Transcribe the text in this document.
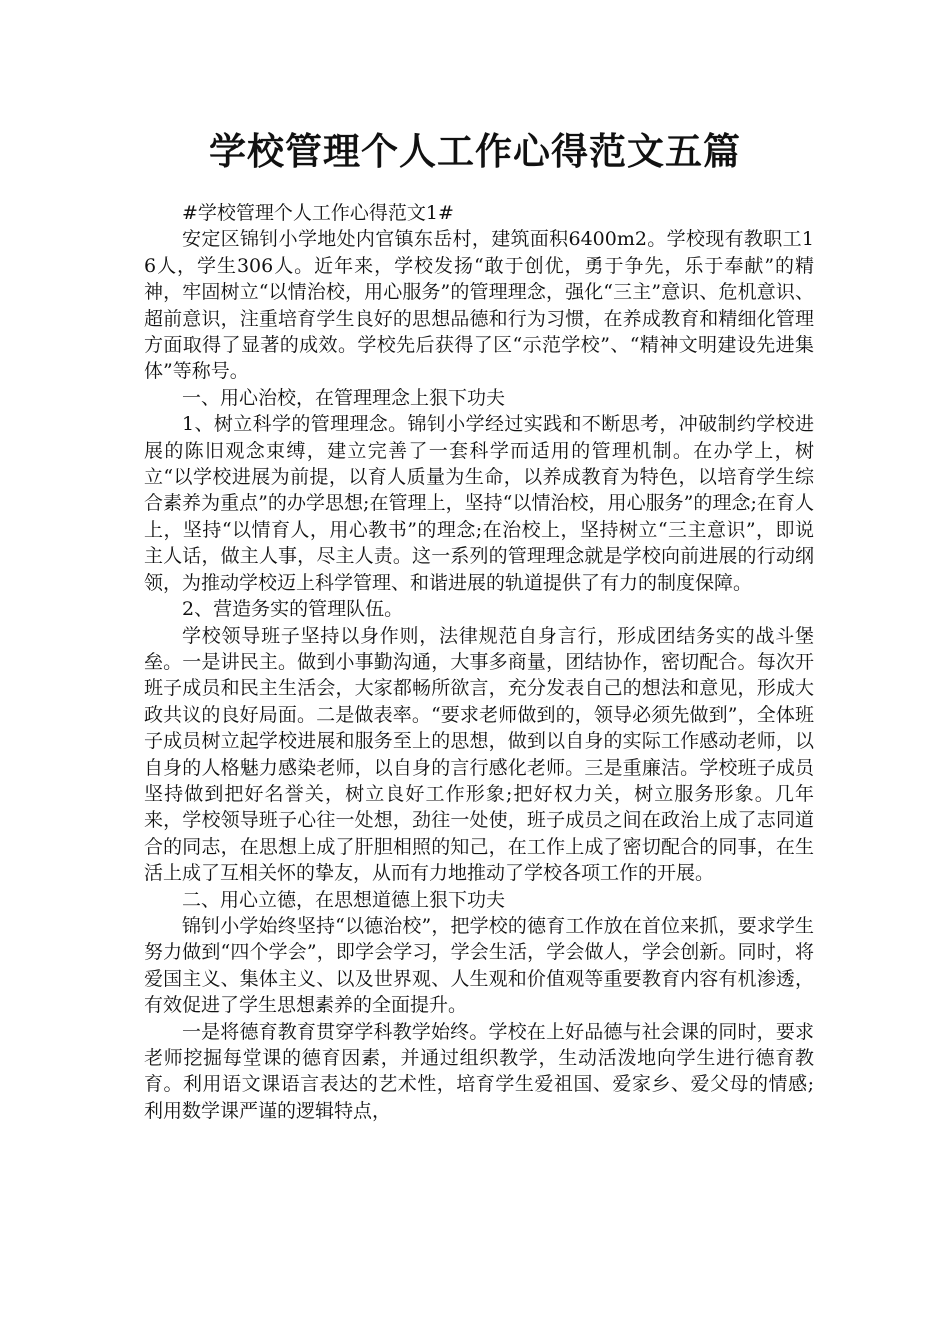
学校管理个人工作心得范文五篇

#学校管理个人工作心得范文1#

安定区锦钊小学地处内官镇东岳村，建筑面积6400m2。学校现有教职工16人，学生306人。近年来，学校发扬“敢于创优，勇于争先，乐于奉献”的精神，牢固树立“以情治校，用心服务”的管理理念，强化“三主”意识、危机意识、超前意识，注重培育学生良好的思想品德和行为习惯，在养成教育和精细化管理方面取得了显著的成效。学校先后获得了区“示范学校”、“精神文明建设先进集体”等称号。

一、用心治校，在管理理念上狠下功夫

1、树立科学的管理理念。锦钊小学经过实践和不断思考，冲破制约学校进展的陈旧观念束缚，建立完善了一套科学而适用的管理机制。在办学上，树立“以学校进展为前提，以育人质量为生命，以养成教育为特色，以培育学生综合素养为重点”的办学思想;在管理上，坚持“以情治校，用心服务”的理念;在育人上，坚持“以情育人，用心教书”的理念;在治校上，坚持树立“三主意识”，即说主人话，做主人事，尽主人责。这一系列的管理理念就是学校向前进展的行动纲领，为推动学校迈上科学管理、和谐进展的轨道提供了有力的制度保障。

2、营造务实的管理队伍。

学校领导班子坚持以身作则，法律规范自身言行，形成团结务实的战斗堡垒。一是讲民主。做到小事勤沟通，大事多商量，团结协作，密切配合。每次开班子成员和民主生活会，大家都畅所欲言，充分发表自己的想法和意见，形成大政共议的良好局面。二是做表率。“要求老师做到的，领导必须先做到”，全体班子成员树立起学校进展和服务至上的思想，做到以自身的实际工作感动老师，以自身的人格魅力感染老师，以自身的言行感化老师。三是重廉洁。学校班子成员坚持做到把好名誉关，树立良好工作形象;把好权力关，树立服务形象。几年来，学校领导班子心往一处想，劲往一处使，班子成员之间在政治上成了志同道合的同志，在思想上成了肝胆相照的知己，在工作上成了密切配合的同事，在生活上成了互相关怀的挚友，从而有力地推动了学校各项工作的开展。

二、用心立德，在思想道德上狠下功夫

锦钊小学始终坚持“以德治校”，把学校的德育工作放在首位来抓，要求学生努力做到“四个学会”，即学会学习，学会生活，学会做人，学会创新。同时，将爱国主义、集体主义、以及世界观、人生观和价值观等重要教育内容有机渗透，有效促进了学生思想素养的全面提升。

一是将德育教育贯穿学科教学始终。学校在上好品德与社会课的同时，要求老师挖掘每堂课的德育因素，并通过组织教学，生动活泼地向学生进行德育教育。利用语文课语言表达的艺术性，培育学生爱祖国、爱家乡、爱父母的情感;利用数学课严谨的逻辑特点，
